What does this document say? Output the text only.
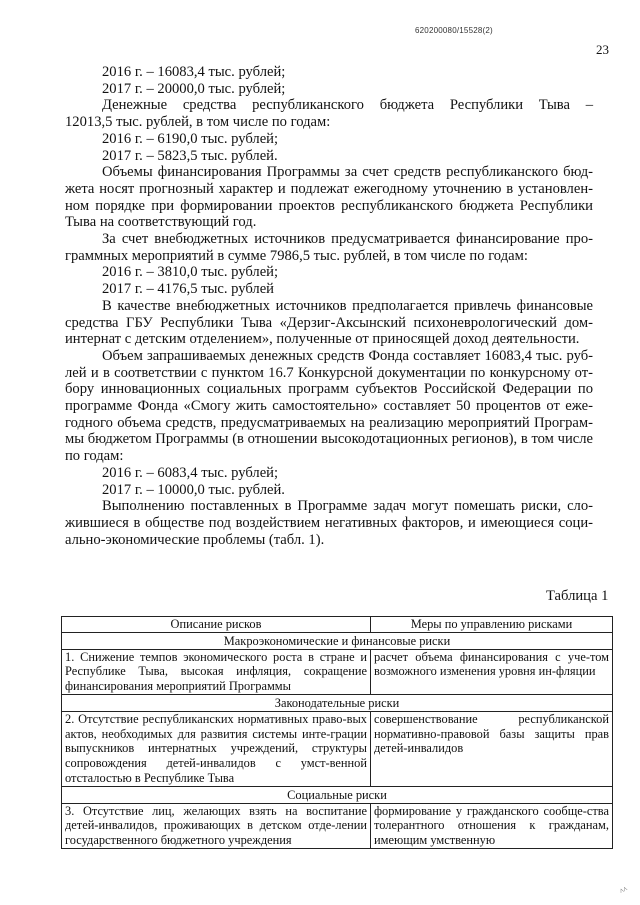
620200080/15528(2)
23
2016 г. – 16083,4 тыс. рублей;
2017 г. – 20000,0 тыс. рублей;
Денежные средства республиканского бюджета Республики Тыва –
12013,5 тыс. рублей, в том числе по годам:
2016 г. – 6190,0 тыс. рублей;
2017 г. – 5823,5 тыс. рублей.
Объемы финансирования Программы за счет средств республиканского бюд-
жета носят прогнозный характер и подлежат ежегодному уточнению в установлен-
ном порядке при формировании проектов республиканского бюджета Республики
Тыва на соответствующий год.
За счет внебюджетных источников предусматривается финансирование про-
граммных мероприятий в сумме 7986,5 тыс. рублей, в том числе по годам:
2016 г. – 3810,0 тыс. рублей;
2017 г. – 4176,5 тыс. рублей
В качестве внебюджетных источников предполагается привлечь финансовые
средства ГБУ Республики Тыва «Дерзиг-Аксынский психоневрологический дом-
интернат с детским отделением», полученные от приносящей доход деятельности.
Объем запрашиваемых денежных средств Фонда составляет 16083,4 тыс. руб-
лей и в соответствии с пунктом 16.7 Конкурсной документации по конкурсному от-
бору инновационных социальных программ субъектов Российской Федерации по
программе Фонда «Смогу жить самостоятельно» составляет 50 процентов от еже-
годного объема средств, предусматриваемых на реализацию мероприятий Програм-
мы бюджетом Программы (в отношении высокодотационных регионов), в том числе
по годам:
2016 г. – 6083,4 тыс. рублей;
2017 г. – 10000,0 тыс. рублей.
Выполнению поставленных в Программе задач могут помешать риски, сло-
жившиеся в обществе под воздействием негативных факторов, и имеющиеся соци-
ально-экономические проблемы (табл. 1).
Таблица 1
Описание рисков	Меры по управлению рисками
Макроэкономические и финансовые риски	
1. Снижение темпов экономического роста в стране и Республике Тыва, высокая инфляция, сокращение финансирования мероприятий Программы	расчет объема финансирования с уче-том возможного изменения уровня ин-фляции
Законодательные риски	
2. Отсутствие республиканских нормативных право-вых актов, необходимых для развития системы инте-грации выпускников интернатных учреждений, структуры сопровождения детей-инвалидов с умст-венной отсталостью в Республике Тыва	совершенствование республиканской нормативно-правовой базы защиты прав детей-инвалидов
Социальные риски	
3. Отсутствие лиц, желающих взять на воспитание детей-инвалидов, проживающих в детском отде-лении государственного бюджетного учреждения	формирование у гражданского сообще-ства толерантного отношения к гражданам, имеющим умственную
^^
